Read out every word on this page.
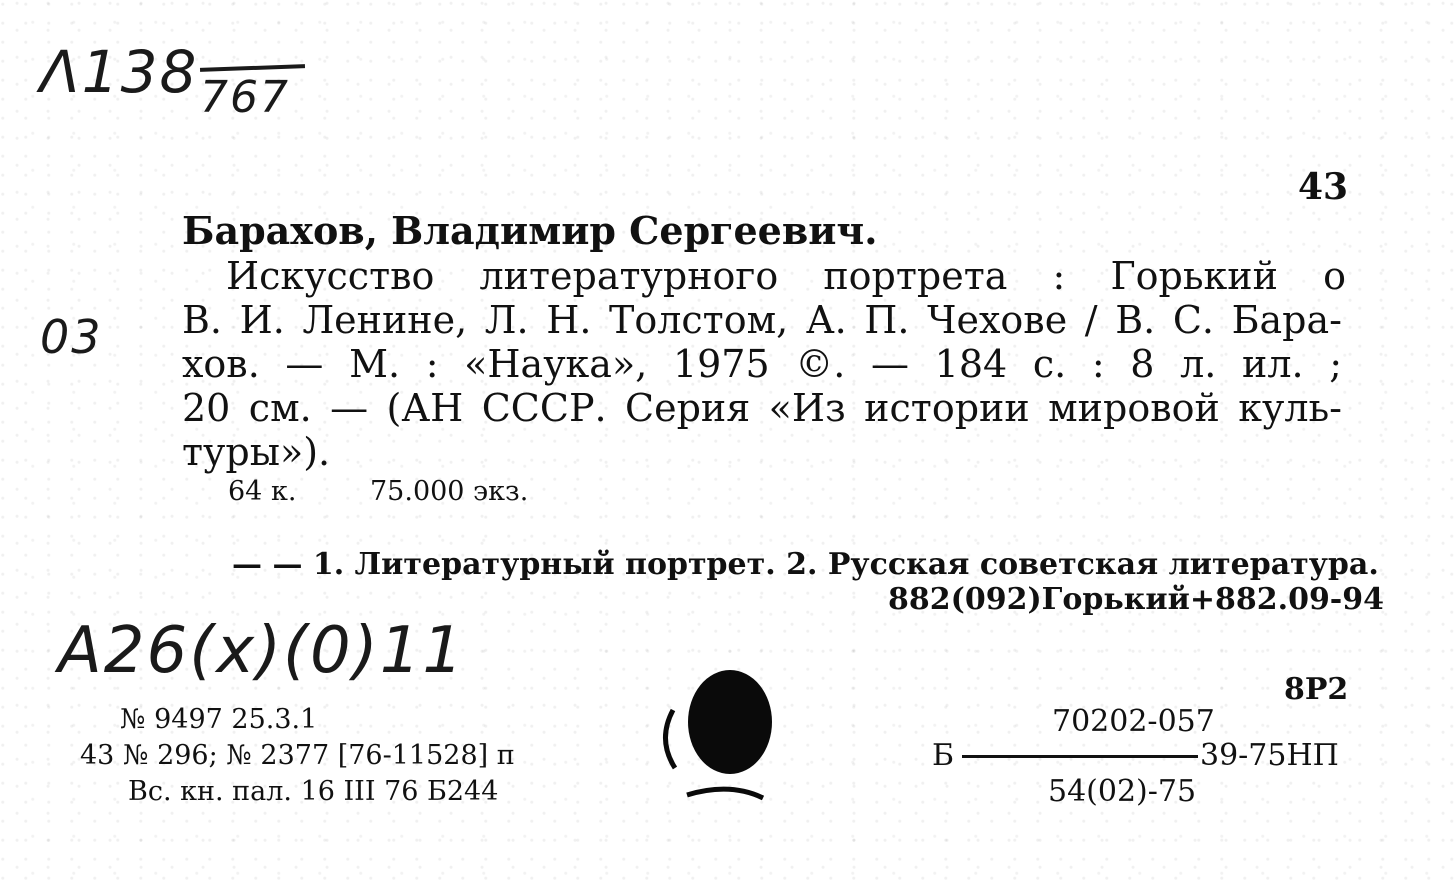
Λ138 767
43
Барахов, Владимир Сергеевич.
03
Искусство литературного портрета : Горький о
В. И. Ленине, Л. Н. Толстом, А. П. Чехове / В. С. Бара-
хов. — М. : «Наука», 1975 ©. — 184 с. : 8 л. ил. ;
20 см. — (АН СССР. Серия «Из истории мировой куль-
туры»).
64 к.	75.000 экз.
— — 1. Литературный портрет. 2. Русская советская литература.
882(092)Горький+882.09-94
A26(x)(0)11
8Р2
№ 9497 25.3.1
43 № 296; № 2377 [76-11528] п
Вс. кн. пал. 16 III 76 Б244
70202-057
Б	39-75НП
54(02)-75
